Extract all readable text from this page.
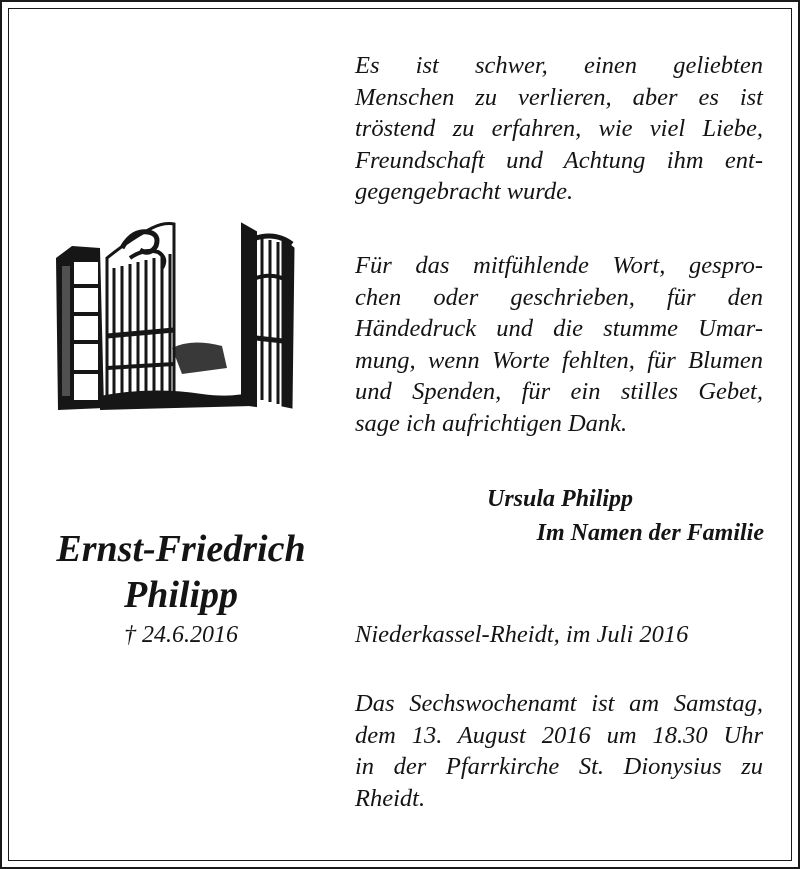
Ernst-Friedrich
Philipp
† 24.6.2016
Es ist schwer, einen geliebten
Menschen zu verlieren, aber es ist
tröstend zu erfahren, wie viel Liebe,
Freundschaft und Achtung ihm ent-
gegengebracht wurde.
Für das mitfühlende Wort, gespro-
chen oder geschrieben, für den
Händedruck und die stumme Umar-
mung, wenn Worte fehlten, für Blumen
und Spenden, für ein stilles Gebet,
sage ich aufrichtigen Dank.
Ursula Philipp
Im Namen der Familie
Niederkassel-Rheidt, im Juli 2016
Das Sechswochenamt ist am Samstag,
dem 13. August 2016 um 18.30 Uhr
in der Pfarrkirche St. Dionysius zu
Rheidt.
